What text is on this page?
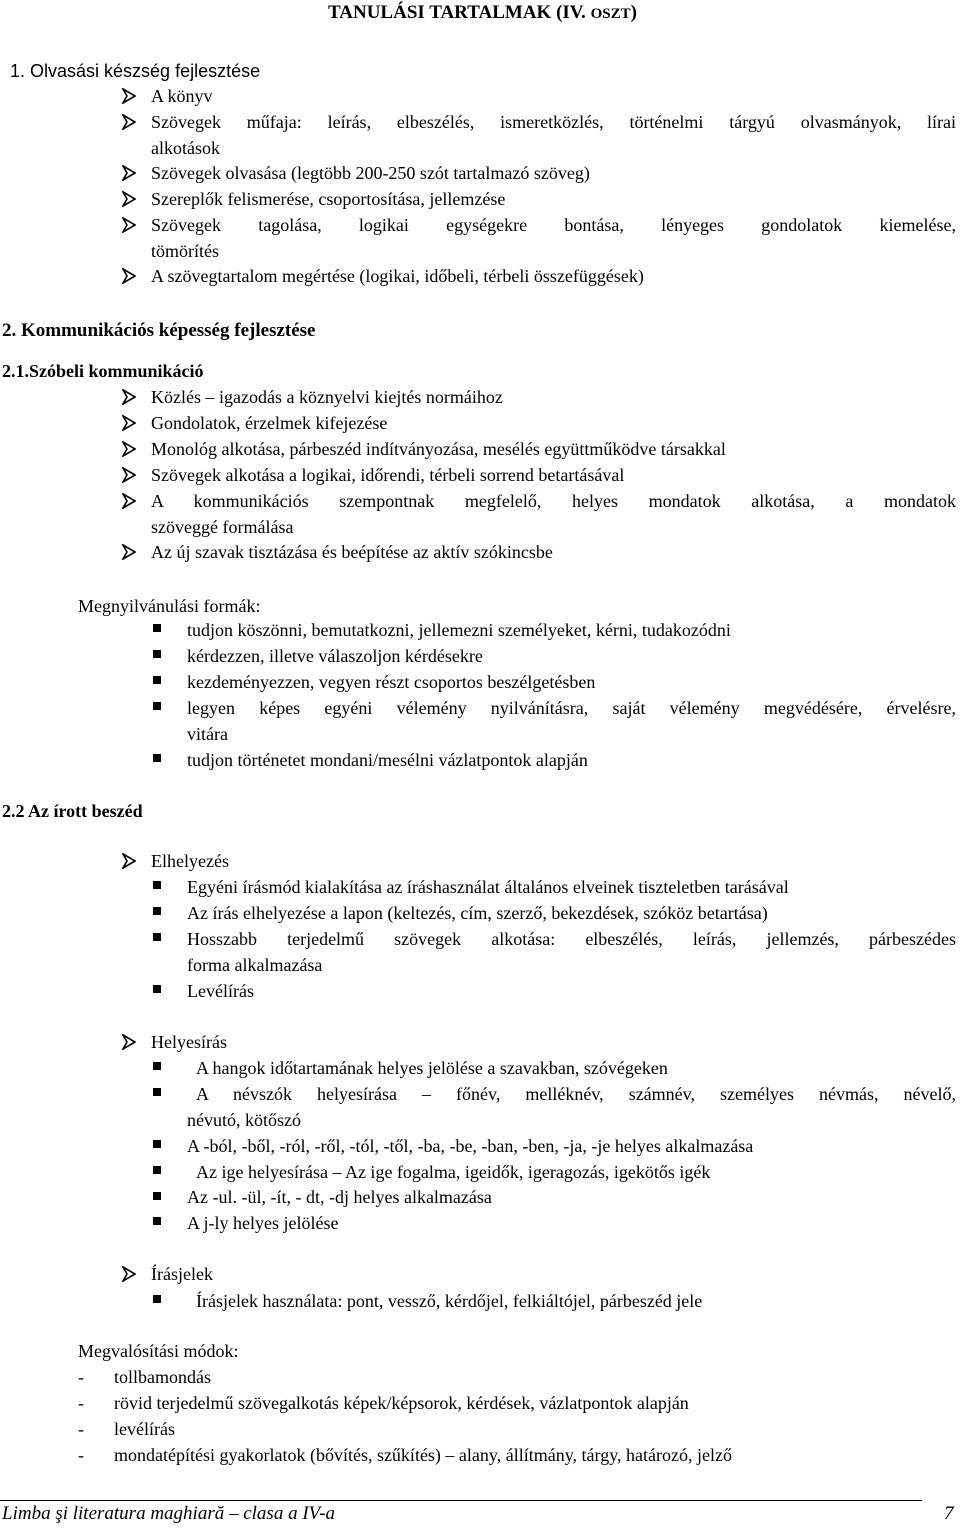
TANULÁSI TARTALMAK (IV. OSZT)
1. Olvasási készség fejlesztése
A könyv
Szövegek műfaja: leírás, elbeszélés, ismeretközlés, történelmi tárgyú olvasmányok, lírai
alkotások
Szövegek olvasása (legtöbb 200-250 szót tartalmazó szöveg)
Szereplők felismerése, csoportosítása, jellemzése
Szövegek tagolása, logikai egységekre bontása, lényeges gondolatok kiemelése,
tömörítés
A szövegtartalom megértése (logikai, időbeli, térbeli összefüggések)
2. Kommunikációs képesség fejlesztése
2.1.Szóbeli kommunikáció
Közlés – igazodás a köznyelvi kiejtés normáihoz
Gondolatok, érzelmek kifejezése
Monológ alkotása, párbeszéd indítványozása, mesélés együttműködve társakkal
Szövegek alkotása a logikai, időrendi, térbeli sorrend betartásával
A kommunikációs szempontnak megfelelő, helyes mondatok alkotása, a mondatok
szöveggé formálása
Az új szavak tisztázása és beépítése az aktív szókincsbe
Megnyilvánulási formák:
tudjon köszönni, bemutatkozni, jellemezni személyeket, kérni, tudakozódni
kérdezzen, illetve válaszoljon kérdésekre
kezdeményezzen, vegyen részt csoportos beszélgetésben
legyen képes egyéni vélemény nyilvánításra, saját vélemény megvédésére, érvelésre,
vitára
tudjon történetet mondani/mesélni vázlatpontok alapján
2.2 Az írott beszéd
Elhelyezés
Egyéni írásmód kialakítása az íráshasználat általános elveinek tiszteletben tarásával
Az írás elhelyezése a lapon (keltezés, cím, szerző, bekezdések, szóköz betartása)
Hosszabb terjedelmű szövegek alkotása: elbeszélés, leírás, jellemzés, párbeszédes
forma alkalmazása
Levélírás
Helyesírás
A hangok időtartamának helyes jelölése a szavakban, szóvégeken
A névszók helyesírása – főnév, melléknév, számnév, személyes névmás, névelő,
névutó, kötőszó
A -ból, -ből, -ról, -ről, -tól, -től, -ba, -be, -ban, -ben, -ja, -je helyes alkalmazása
Az ige helyesírása – Az ige fogalma, igeidők, igeragozás, igekötős igék
Az -ul. -ül, -ít, - dt, -dj helyes alkalmazása
A j-ly helyes jelölése
Írásjelek
Írásjelek használata: pont, vessző, kérdőjel, felkiáltójel, párbeszéd jele
Megvalósítási módok:
- tollbamondás
- rövid terjedelmű szövegalkotás képek/képsorok, kérdések, vázlatpontok alapján
- levélírás
- mondatépítési gyakorlatok (bővítés, szűkítés) – alany, állítmány, tárgy, határozó, jelző
Limba şi literatura maghiară – clasa a IV-a	7
